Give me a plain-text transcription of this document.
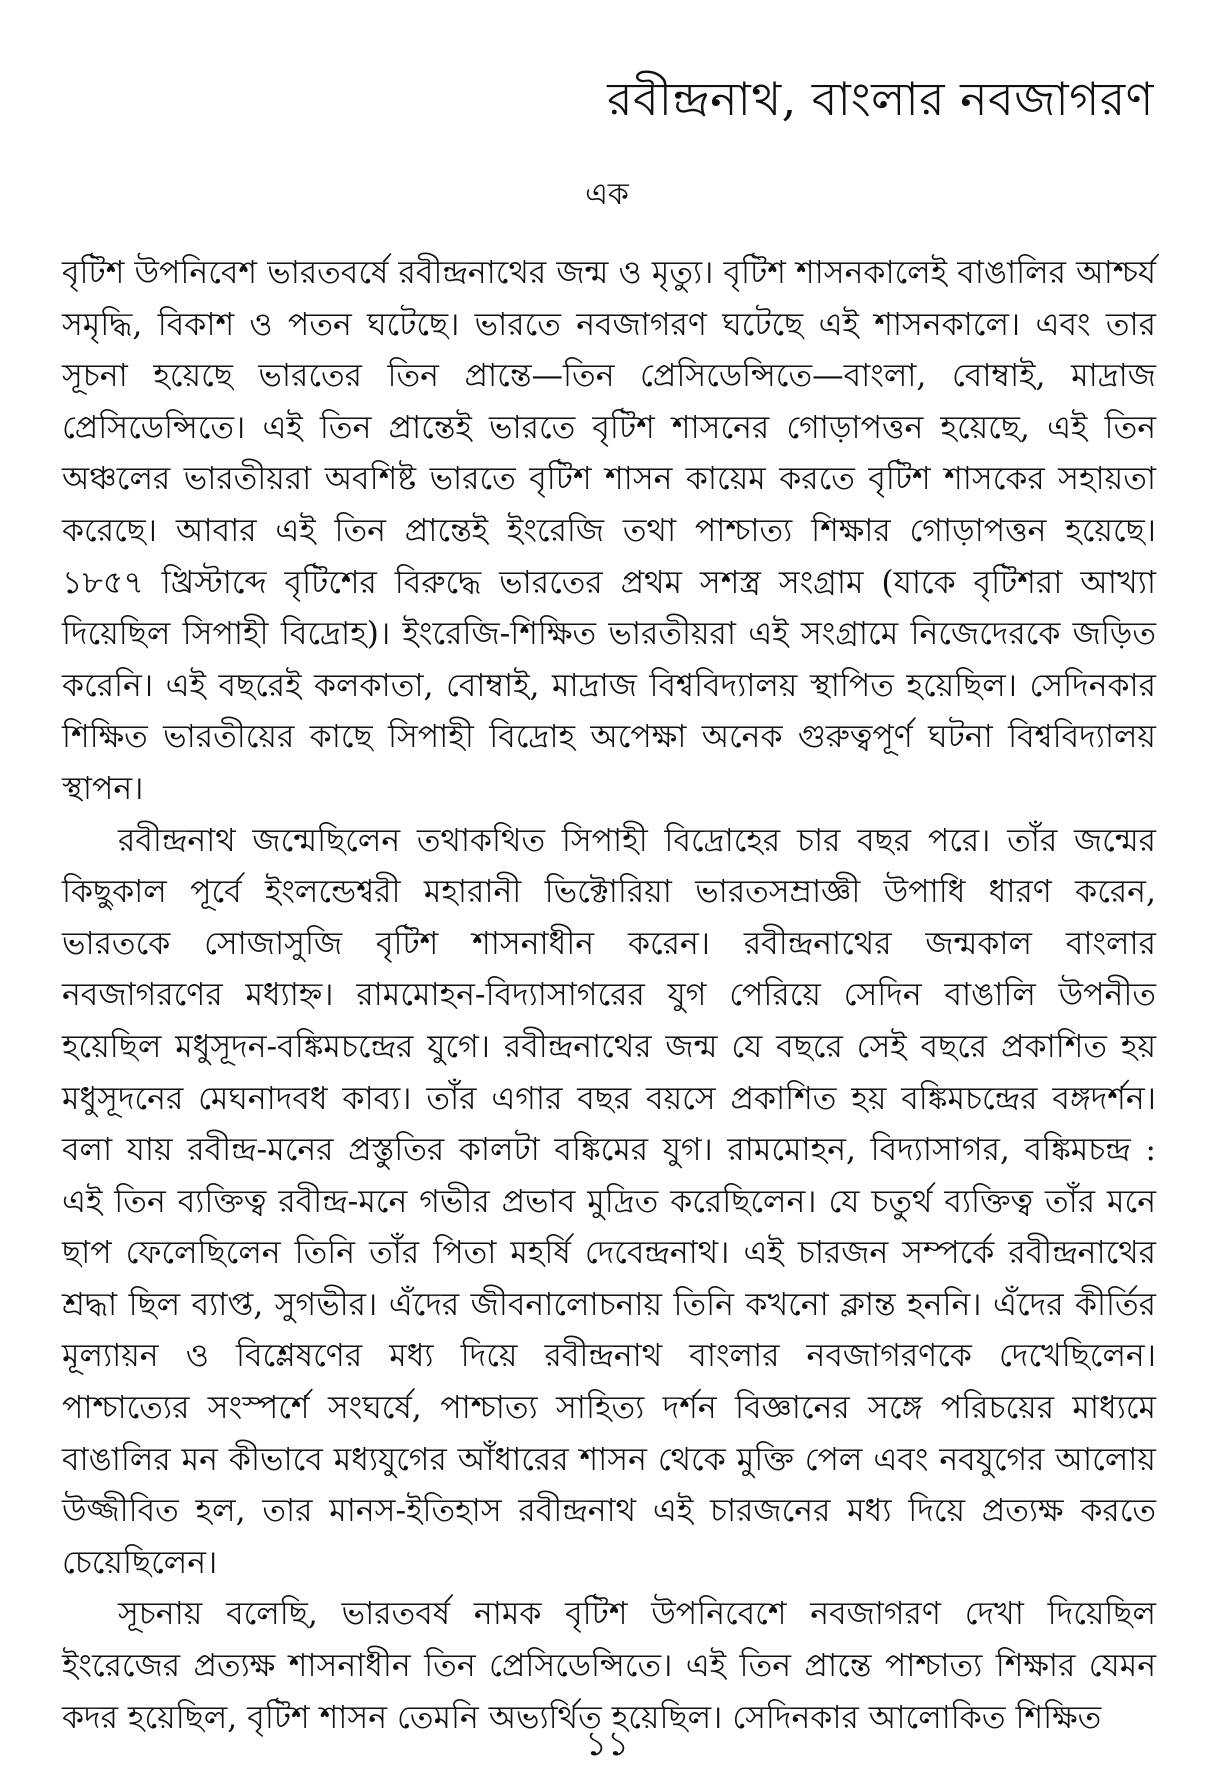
রবীন্দ্রনাথ, বাংলার নবজাগরণ
এক

বৃটিশ উপনিবেশ ভারতবর্ষে রবীন্দ্রনাথের জন্ম ও মৃত্যু। বৃটিশ শাসনকালেই বাঙালির আশ্চর্য সমৃদ্ধি, বিকাশ ও পতন ঘটেছে। ভারতে নবজাগরণ ঘটেছে এই শাসনকালে। এবং তার সূচনা হয়েছে ভারতের তিন প্রান্তে—তিন প্রেসিডেন্সিতে—বাংলা, বোম্বাই, মাদ্রাজ প্রেসিডেন্সিতে। এই তিন প্রান্তেই ভারতে বৃটিশ শাসনের গোড়াপত্তন হয়েছে, এই তিন অঞ্চলের ভারতীয়রা অবশিষ্ট ভারতে বৃটিশ শাসন কায়েম করতে বৃটিশ শাসকের সহায়তা করেছে। আবার এই তিন প্রান্তেই ইংরেজি তথা পাশ্চাত্য শিক্ষার গোড়াপত্তন হয়েছে। ১৮৫৭ খ্রিস্টাব্দে বৃটিশের বিরুদ্ধে ভারতের প্রথম সশস্ত্র সংগ্রাম (যাকে বৃটিশরা আখ্যা দিয়েছিল সিপাহী বিদ্রোহ)। ইংরেজি-শিক্ষিত ভারতীয়রা এই সংগ্রামে নিজেদেরকে জড়িত করেনি। এই বছরেই কলকাতা, বোম্বাই, মাদ্রাজ বিশ্ববিদ্যালয় স্থাপিত হয়েছিল। সেদিনকার শিক্ষিত ভারতীয়ের কাছে সিপাহী বিদ্রোহ অপেক্ষা অনেক গুরুত্বপূর্ণ ঘটনা বিশ্ববিদ্যালয় স্থাপন।

রবীন্দ্রনাথ জন্মেছিলেন তথাকথিত সিপাহী বিদ্রোহের চার বছর পরে। তাঁর জন্মের কিছুকাল পূর্বে ইংলন্ডেশ্বরী মহারানী ভিক্টোরিয়া ভারতসম্রাজ্ঞী উপাধি ধারণ করেন, ভারতকে সোজাসুজি বৃটিশ শাসনাধীন করেন। রবীন্দ্রনাথের জন্মকাল বাংলার নবজাগরণের মধ্যাহ্ন। রামমোহন-বিদ্যাসাগরের যুগ পেরিয়ে সেদিন বাঙালি উপনীত হয়েছিল মধুসূদন-বঙ্কিমচন্দ্রের যুগে। রবীন্দ্রনাথের জন্ম যে বছরে সেই বছরে প্রকাশিত হয় মধুসূদনের মেঘনাদবধ কাব্য। তাঁর এগার বছর বয়সে প্রকাশিত হয় বঙ্কিমচন্দ্রের বঙ্গদর্শন। বলা যায় রবীন্দ্র-মনের প্রস্তুতির কালটা বঙ্কিমের যুগ। রামমোহন, বিদ্যাসাগর, বঙ্কিমচন্দ্র : এই তিন ব্যক্তিত্ব রবীন্দ্র-মনে গভীর প্রভাব মুদ্রিত করেছিলেন। যে চতুর্থ ব্যক্তিত্ব তাঁর মনে ছাপ ফেলেছিলেন তিনি তাঁর পিতা মহর্ষি দেবেন্দ্রনাথ। এই চারজন সম্পর্কে রবীন্দ্রনাথের শ্রদ্ধা ছিল ব্যাপ্ত, সুগভীর। এঁদের জীবনালোচনায় তিনি কখনো ক্লান্ত হননি। এঁদের কীর্তির মূল্যায়ন ও বিশ্লেষণের মধ্য দিয়ে রবীন্দ্রনাথ বাংলার নবজাগরণকে দেখেছিলেন। পাশ্চাত্যের সংস্পর্শে সংঘর্ষে, পাশ্চাত্য সাহিত্য দর্শন বিজ্ঞানের সঙ্গে পরিচয়ের মাধ্যমে বাঙালির মন কীভাবে মধ্যযুগের আঁধারের শাসন থেকে মুক্তি পেল এবং নবযুগের আলোয় উজ্জীবিত হল, তার মানস-ইতিহাস রবীন্দ্রনাথ এই চারজনের মধ্য দিয়ে প্রত্যক্ষ করতে চেয়েছিলেন।

সূচনায় বলেছি, ভারতবর্ষ নামক বৃটিশ উপনিবেশে নবজাগরণ দেখা দিয়েছিল ইংরেজের প্রত্যক্ষ শাসনাধীন তিন প্রেসিডেন্সিতে। এই তিন প্রান্তে পাশ্চাত্য শিক্ষার যেমন কদর হয়েছিল, বৃটিশ শাসন তেমনি অভ্যর্থিত হয়েছিল। সেদিনকার আলোকিত শিক্ষিত

১১
